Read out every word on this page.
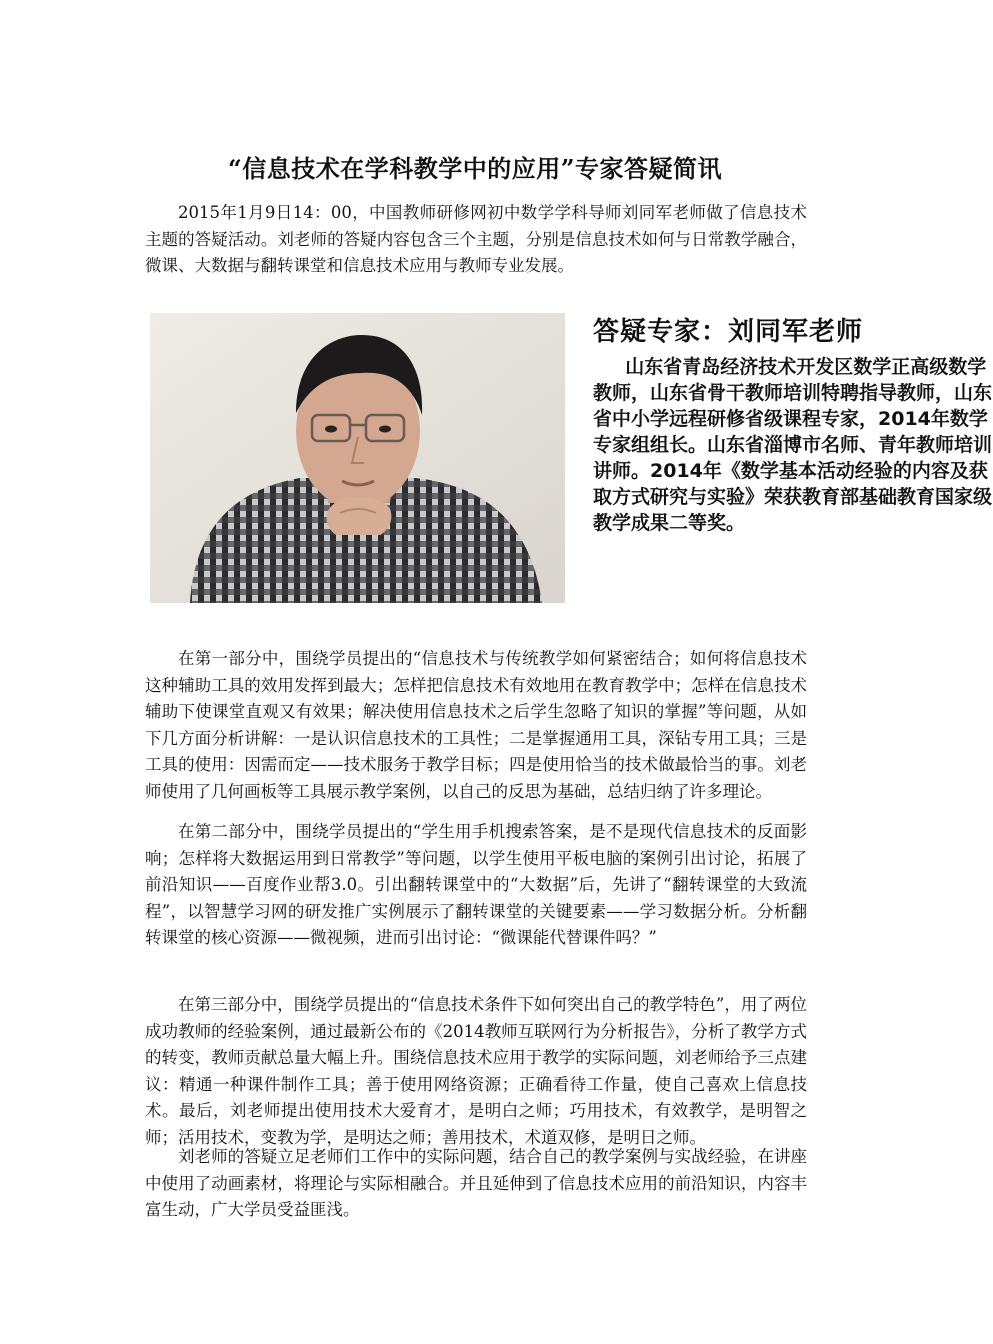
“信息技术在学科教学中的应用”专家答疑简讯

2015年1月9日14：00，中国教师研修网初中数学学科导师刘同军老师做了信息技术主题的答疑活动。刘老师的答疑内容包含三个主题，分别是信息技术如何与日常教学融合，微课、大数据与翻转课堂和信息技术应用与教师专业发展。

答疑专家：刘同军老师
山东省青岛经济技术开发区数学正高级数学教师，山东省骨干教师培训特聘指导教师，山东省中小学远程研修省级课程专家，2014年数学专家组组长。山东省淄博市名师、青年教师培训讲师。2014年《数学基本活动经验的内容及获取方式研究与实验》荣获教育部基础教育国家级教学成果二等奖。

在第一部分中，围绕学员提出的“信息技术与传统教学如何紧密结合；如何将信息技术这种辅助工具的效用发挥到最大；怎样把信息技术有效地用在教育教学中；怎样在信息技术辅助下使课堂直观又有效果；解决使用信息技术之后学生忽略了知识的掌握”等问题，从如下几方面分析讲解：一是认识信息技术的工具性；二是掌握通用工具，深钻专用工具；三是工具的使用：因需而定——技术服务于教学目标；四是使用恰当的技术做最恰当的事。刘老师使用了几何画板等工具展示教学案例，以自己的反思为基础，总结归纳了许多理论。

在第二部分中，围绕学员提出的“学生用手机搜索答案，是不是现代信息技术的反面影响；怎样将大数据运用到日常教学”等问题，以学生使用平板电脑的案例引出讨论，拓展了前沿知识——百度作业帮3.0。引出翻转课堂中的“大数据”后，先讲了“翻转课堂的大致流程”，以智慧学习网的研发推广实例展示了翻转课堂的关键要素——学习数据分析。分析翻转课堂的核心资源——微视频，进而引出讨论：“微课能代替课件吗？”

在第三部分中，围绕学员提出的“信息技术条件下如何突出自己的教学特色”，用了两位成功教师的经验案例，通过最新公布的《2014教师互联网行为分析报告》，分析了教学方式的转变，教师贡献总量大幅上升。围绕信息技术应用于教学的实际问题，刘老师给予三点建议：精通一种课件制作工具；善于使用网络资源；正确看待工作量，使自己喜欢上信息技术。最后，刘老师提出使用技术大爱育才，是明白之师；巧用技术，有效教学，是明智之师；活用技术，变教为学，是明达之师；善用技术，术道双修，是明日之师。

刘老师的答疑立足老师们工作中的实际问题，结合自己的教学案例与实战经验，在讲座中使用了动画素材，将理论与实际相融合。并且延伸到了信息技术应用的前沿知识，内容丰富生动，广大学员受益匪浅。
